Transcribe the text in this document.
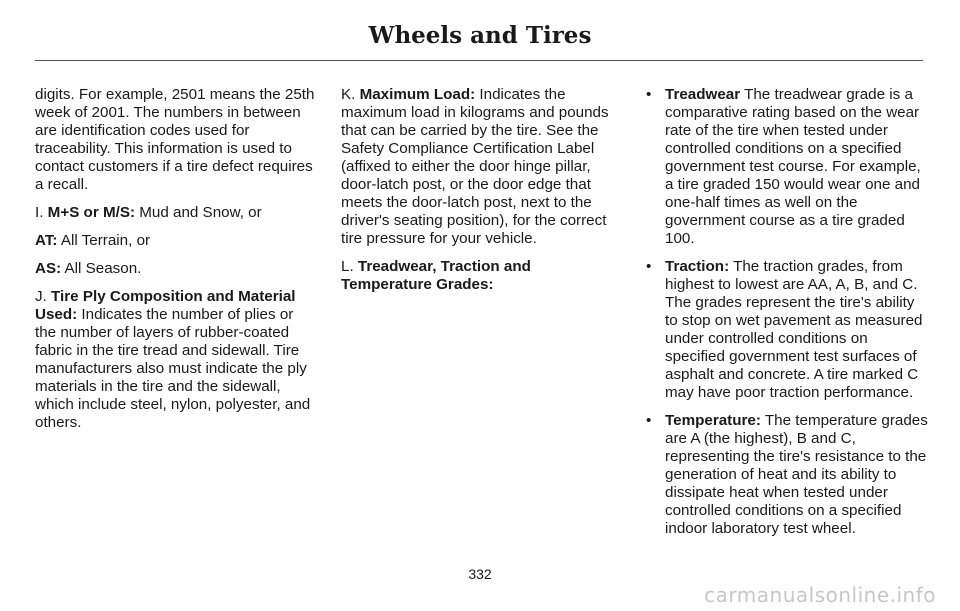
Wheels and Tires

digits. For example, 2501 means the 25th week of 2001. The numbers in between are identification codes used for traceability. This information is used to contact customers if a tire defect requires a recall.

I. M+S or M/S: Mud and Snow, or

AT: All Terrain, or

AS: All Season.

J. Tire Ply Composition and Material Used: Indicates the number of plies or the number of layers of rubber-coated fabric in the tire tread and sidewall. Tire manufacturers also must indicate the ply materials in the tire and the sidewall, which include steel, nylon, polyester, and others.

K. Maximum Load: Indicates the maximum load in kilograms and pounds that can be carried by the tire. See the Safety Compliance Certification Label (affixed to either the door hinge pillar, door-latch post, or the door edge that meets the door-latch post, next to the driver's seating position), for the correct tire pressure for your vehicle.

L. Treadwear, Traction and Temperature Grades:

• Treadwear The treadwear grade is a comparative rating based on the wear rate of the tire when tested under controlled conditions on a specified government test course. For example, a tire graded 150 would wear one and one-half times as well on the government course as a tire graded 100.
• Traction: The traction grades, from highest to lowest are AA, A, B, and C. The grades represent the tire's ability to stop on wet pavement as measured under controlled conditions on specified government test surfaces of asphalt and concrete. A tire marked C may have poor traction performance.
• Temperature: The temperature grades are A (the highest), B and C, representing the tire's resistance to the generation of heat and its ability to dissipate heat when tested under controlled conditions on a specified indoor laboratory test wheel.
332
carmanualsonline.info
